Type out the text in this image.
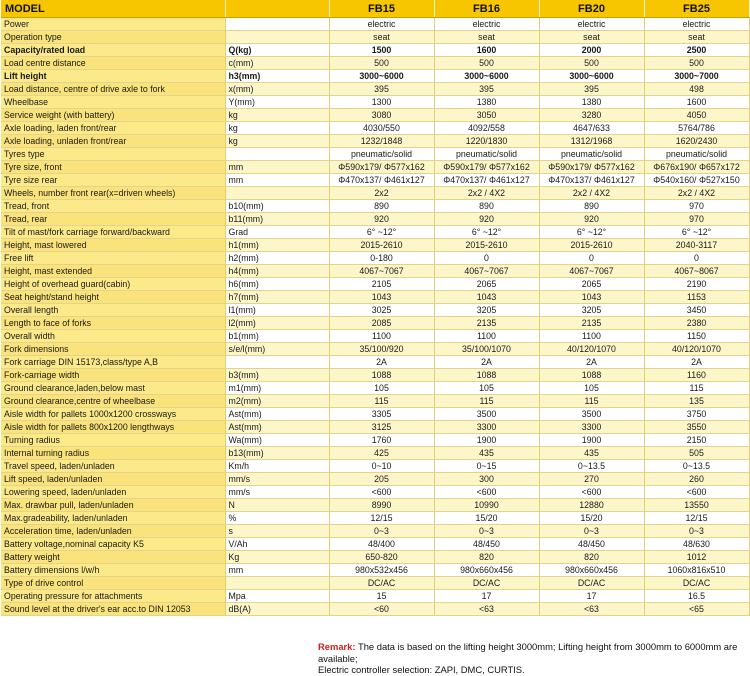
MODEL		FB15	FB16	FB20	FB25
Power		electric	electric	electric	electric
Operation type		seat	seat	seat	seat
Capacity/rated load	Q(kg)	1500	1600	2000	2500
Load centre distance	c(mm)	500	500	500	500
Lift height	h3(mm)	3000~6000	3000~6000	3000~6000	3000~7000
Load distance, centre of drive axle to fork	x(mm)	395	395	395	498
Wheelbase	Y(mm)	1300	1380	1380	1600
Service weight (with battery)	kg	3080	3050	3280	4050
Axle loading, laden front/rear	kg	4030/550	4092/558	4647/633	5764/786
Axle loading, unladen front/rear	kg	1232/1848	1220/1830	1312/1968	1620/2430
Tyres type		pneumatic/solid	pneumatic/solid	pneumatic/solid	pneumatic/solid
Tyre size, front	mm	Φ590x179/ Φ577x162	Φ590x179/ Φ577x162	Φ590x179/ Φ577x162	Φ676x190/ Φ657x172
Tyre size rear	mm	Φ470x137/ Φ461x127	Φ470x137/ Φ461x127	Φ470x137/ Φ461x127	Φ540x160/ Φ527x150
Wheels, number front rear(x=driven wheels)		2x2	2x2 / 4X2	2x2 / 4X2	2x2 / 4X2
Tread, front	b10(mm)	890	890	890	970
Tread, rear	b11(mm)	920	920	920	970
Tilt of mast/fork carriage forward/backward	Grad	6° ~12°	6° ~12°	6° ~12°	6° ~12°
Height, mast lowered	h1(mm)	2015-2610	2015-2610	2015-2610	2040-3117
Free lift	h2(mm)	0-180	0	0	0
Height, mast extended	h4(mm)	4067~7067	4067~7067	4067~7067	4067~8067
Height of overhead guard(cabin)	h6(mm)	2105	2065	2065	2190
Seat height/stand height	h7(mm)	1043	1043	1043	1153
Overall length	l1(mm)	3025	3205	3205	3450
Length to face of forks	l2(mm)	2085	2135	2135	2380
Overall width	b1(mm)	1100	1100	1100	1150
Fork dimensions	s/e/l(mm)	35/100/920	35/100/1070	40/120/1070	40/120/1070
Fork carriage DIN 15173,class/type A,B		2A	2A	2A	2A
Fork-carriage width	b3(mm)	1088	1088	1088	1160
Ground clearance,laden,below mast	m1(mm)	105	105	105	115
Ground clearance,centre of wheelbase	m2(mm)	115	115	115	135
Aisle width for pallets 1000x1200 crossways	Ast(mm)	3305	3500	3500	3750
Aisle width for pallets 800x1200 lengthways	Ast(mm)	3125	3300	3300	3550
Turning radius	Wa(mm)	1760	1900	1900	2150
Internal turning radius	b13(mm)	425	435	435	505
Travel speed, laden/unladen	Km/h	0~10	0~15	0~13.5	0~13.5
Lift speed, laden/unladen	mm/s	205	300	270	260
Lowering speed, laden/unladen	mm/s	<600	<600	<600	<600
Max. drawbar pull, laden/unladen	N	8990	10990	12880	13550
Max.gradeability, laden/unladen	%	12/15	15/20	15/20	12/15
Acceleration time, laden/unladen	s	0~3	0~3	0~3	0~3
Battery voltage,nominal capacity K5	V/Ah	48/400	48/450	48/450	48/630
Battery weight	Kg	650-820	820	820	1012
Battery dimensions l/w/h	mm	980x532x456	980x660x456	980x660x456	1060x816x510
Type of drive control		DC/AC	DC/AC	DC/AC	DC/AC
Operating pressure for attachments	Mpa	15	17	17	16.5
Sound level at the driver's ear acc.to DIN 12053	dB(A)	<60	<63	<63	<65
Remark: The data is based on the lifting height 3000mm; Lifting height from 3000mm to 6000mm are available;
Electric controller selection: ZAPI, DMC, CURTIS.
